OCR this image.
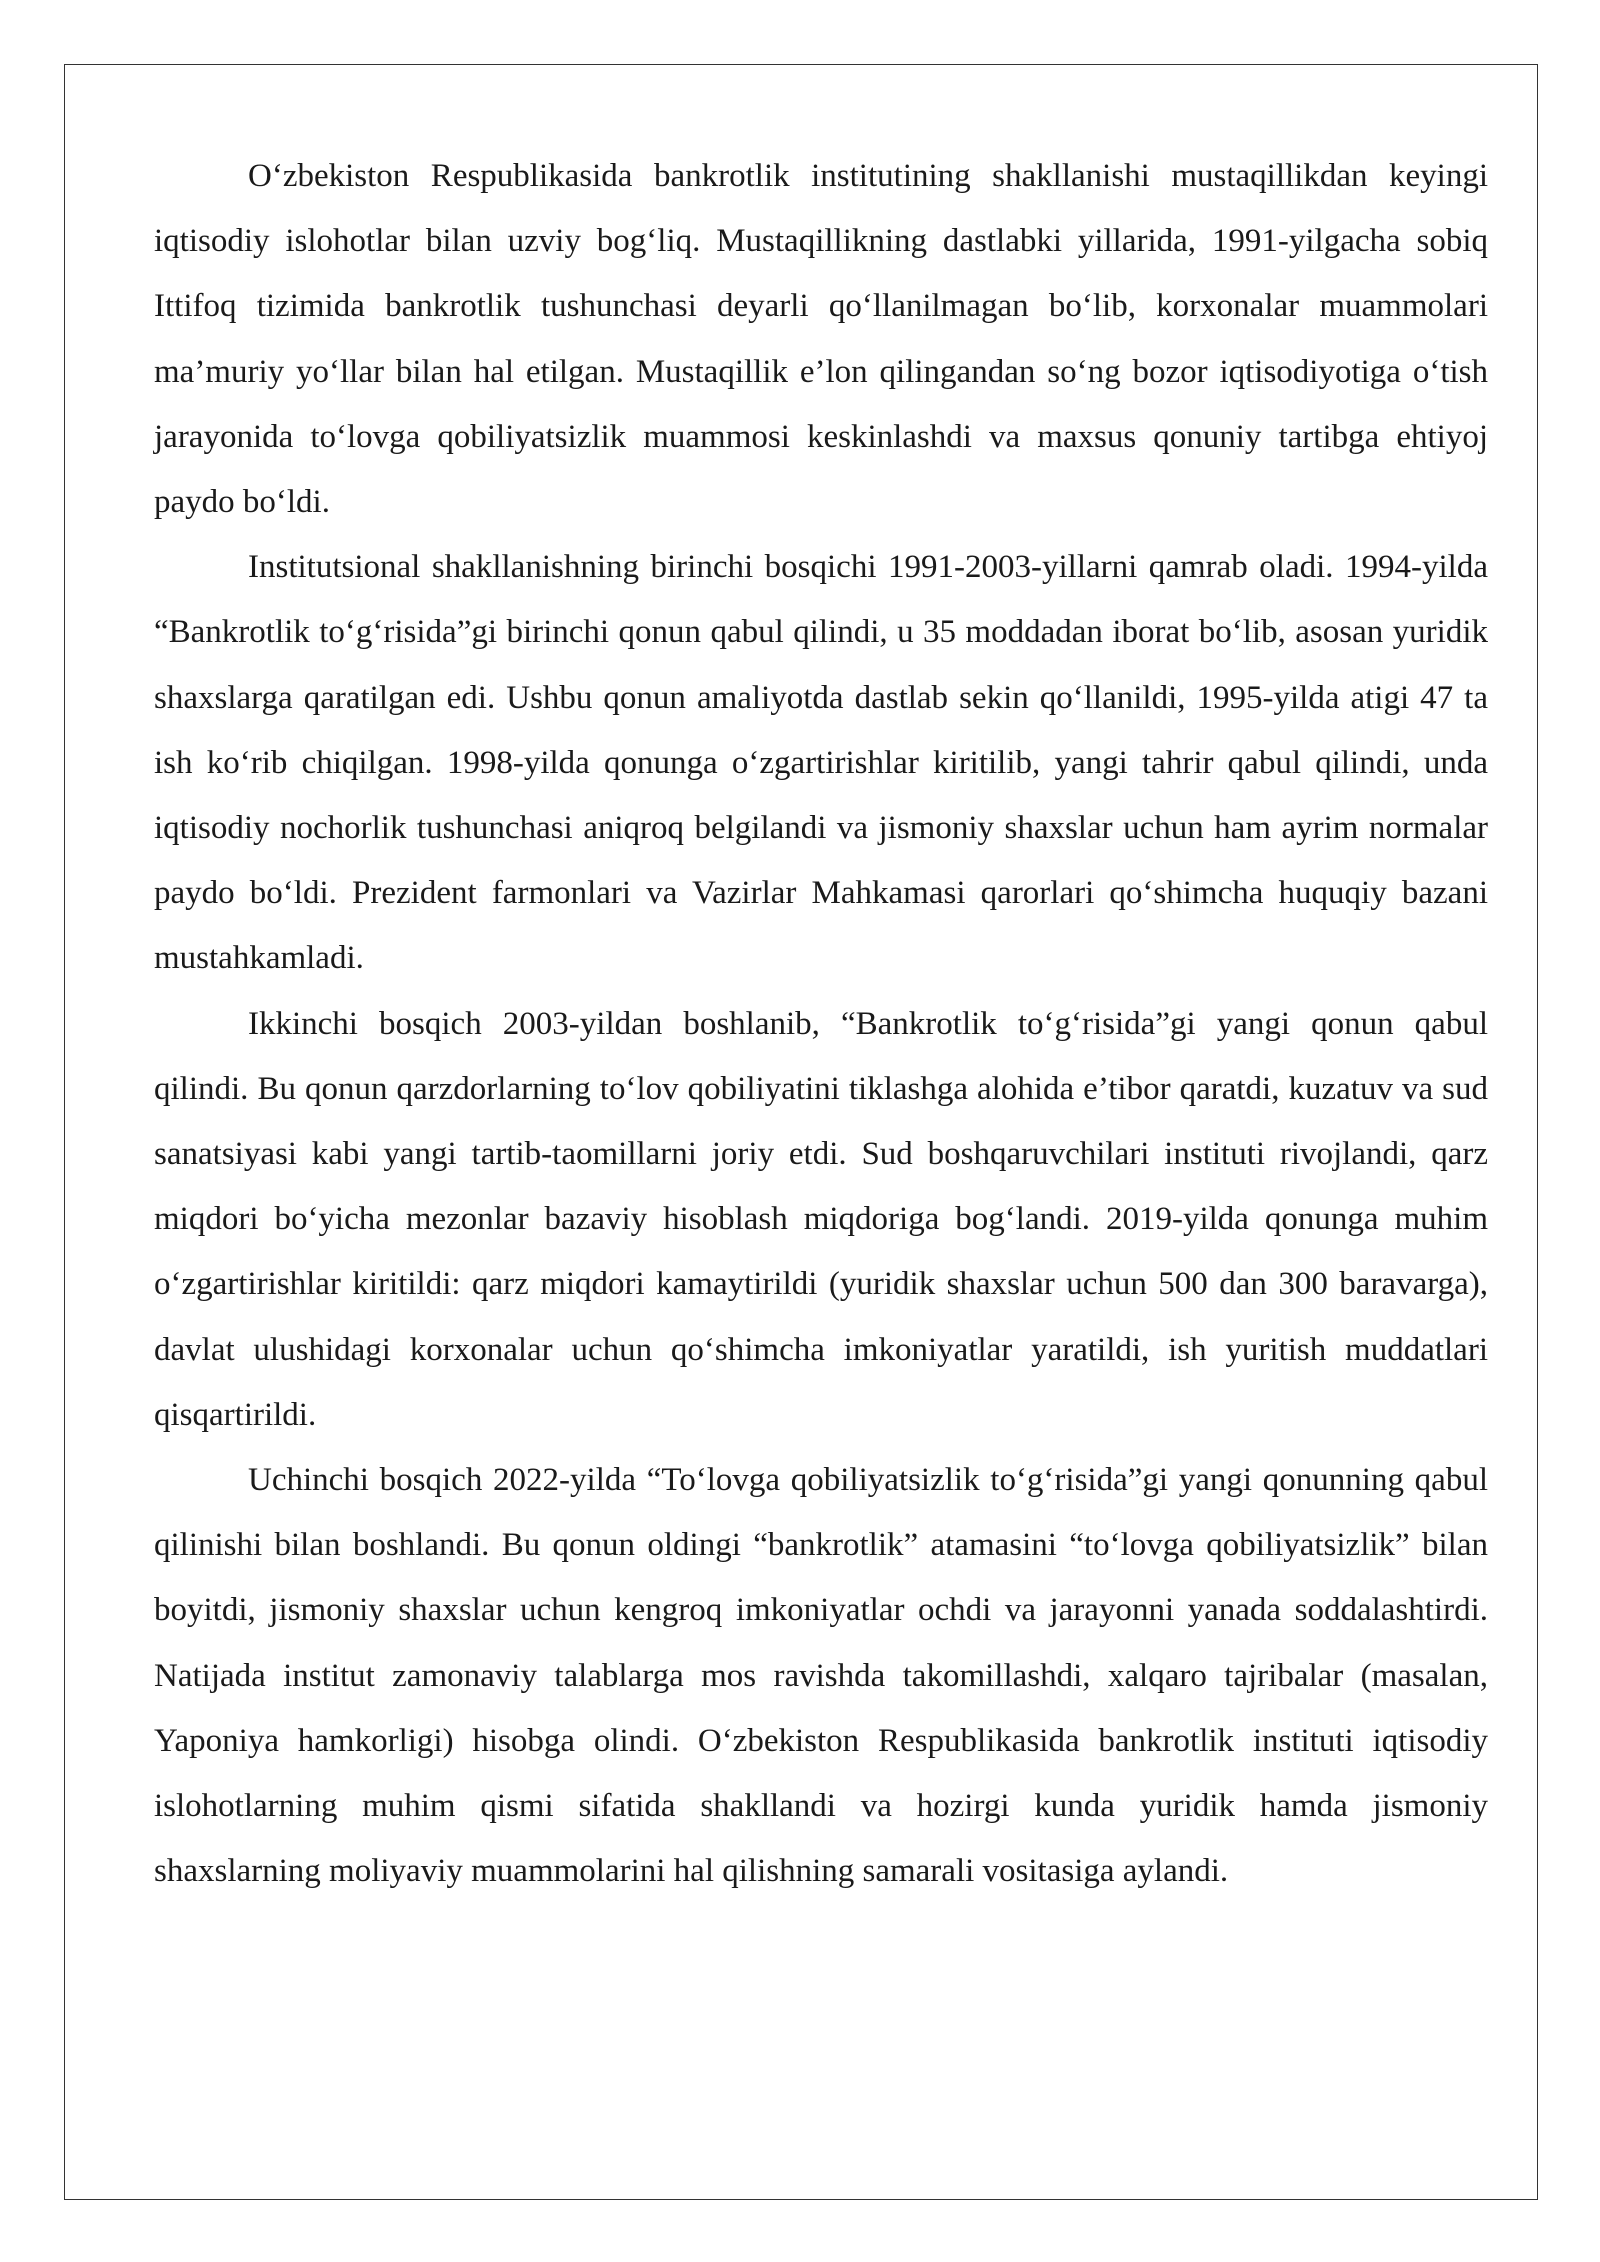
O‘zbekiston Respublikasida bankrotlik institutining shakllanishi mustaqillikdan keyingi iqtisodiy islohotlar bilan uzviy bog‘liq. Mustaqillikning dastlabki yillarida, 1991-yilgacha sobiq Ittifoq tizimida bankrotlik tushunchasi deyarli qo‘llanilmagan bo‘lib, korxonalar muammolari ma’muriy yo‘llar bilan hal etilgan. Mustaqillik e’lon qilingandan so‘ng bozor iqtisodiyotiga o‘tish jarayonida to‘lovga qobiliyatsizlik muammosi keskinlashdi va maxsus qonuniy tartibga ehtiyoj paydo bo‘ldi.

Institutsional shakllanishning birinchi bosqichi 1991-2003-yillarni qamrab oladi. 1994-yilda “Bankrotlik to‘g‘risida”gi birinchi qonun qabul qilindi, u 35 moddadan iborat bo‘lib, asosan yuridik shaxslarga qaratilgan edi. Ushbu qonun amaliyotda dastlab sekin qo‘llanildi, 1995-yilda atigi 47 ta ish ko‘rib chiqilgan. 1998-yilda qonunga o‘zgartirishlar kiritilib, yangi tahrir qabul qilindi, unda iqtisodiy nochorlik tushunchasi aniqroq belgilandi va jismoniy shaxslar uchun ham ayrim normalar paydo bo‘ldi. Prezident farmonlari va Vazirlar Mahkamasi qarorlari qo‘shimcha huquqiy bazani mustahkamladi.

Ikkinchi bosqich 2003-yildan boshlanib, “Bankrotlik to‘g‘risida”gi yangi qonun qabul qilindi. Bu qonun qarzdorlarning to‘lov qobiliyatini tiklashga alohida e’tibor qaratdi, kuzatuv va sud sanatsiyasi kabi yangi tartib-taomillarni joriy etdi. Sud boshqaruvchilari instituti rivojlandi, qarz miqdori bo‘yicha mezonlar bazaviy hisoblash miqdoriga bog‘landi. 2019-yilda qonunga muhim o‘zgartirishlar kiritildi: qarz miqdori kamaytirildi (yuridik shaxslar uchun 500 dan 300 baravarga), davlat ulushidagi korxonalar uchun qo‘shimcha imkoniyatlar yaratildi, ish yuritish muddatlari qisqartirildi.

Uchinchi bosqich 2022-yilda “To‘lovga qobiliyatsizlik to‘g‘risida”gi yangi qonunning qabul qilinishi bilan boshlandi. Bu qonun oldingi “bankrotlik” atamasini “to‘lovga qobiliyatsizlik” bilan boyitdi, jismoniy shaxslar uchun kengroq imkoniyatlar ochdi va jarayonni yanada soddalashtirdi. Natijada institut zamonaviy talablarga mos ravishda takomillashdi, xalqaro tajribalar (masalan, Yaponiya hamkorligi) hisobga olindi. O‘zbekiston Respublikasida bankrotlik instituti iqtisodiy islohotlarning muhim qismi sifatida shakllandi va hozirgi kunda yuridik hamda jismoniy shaxslarning moliyaviy muammolarini hal qilishning samarali vositasiga aylandi.
